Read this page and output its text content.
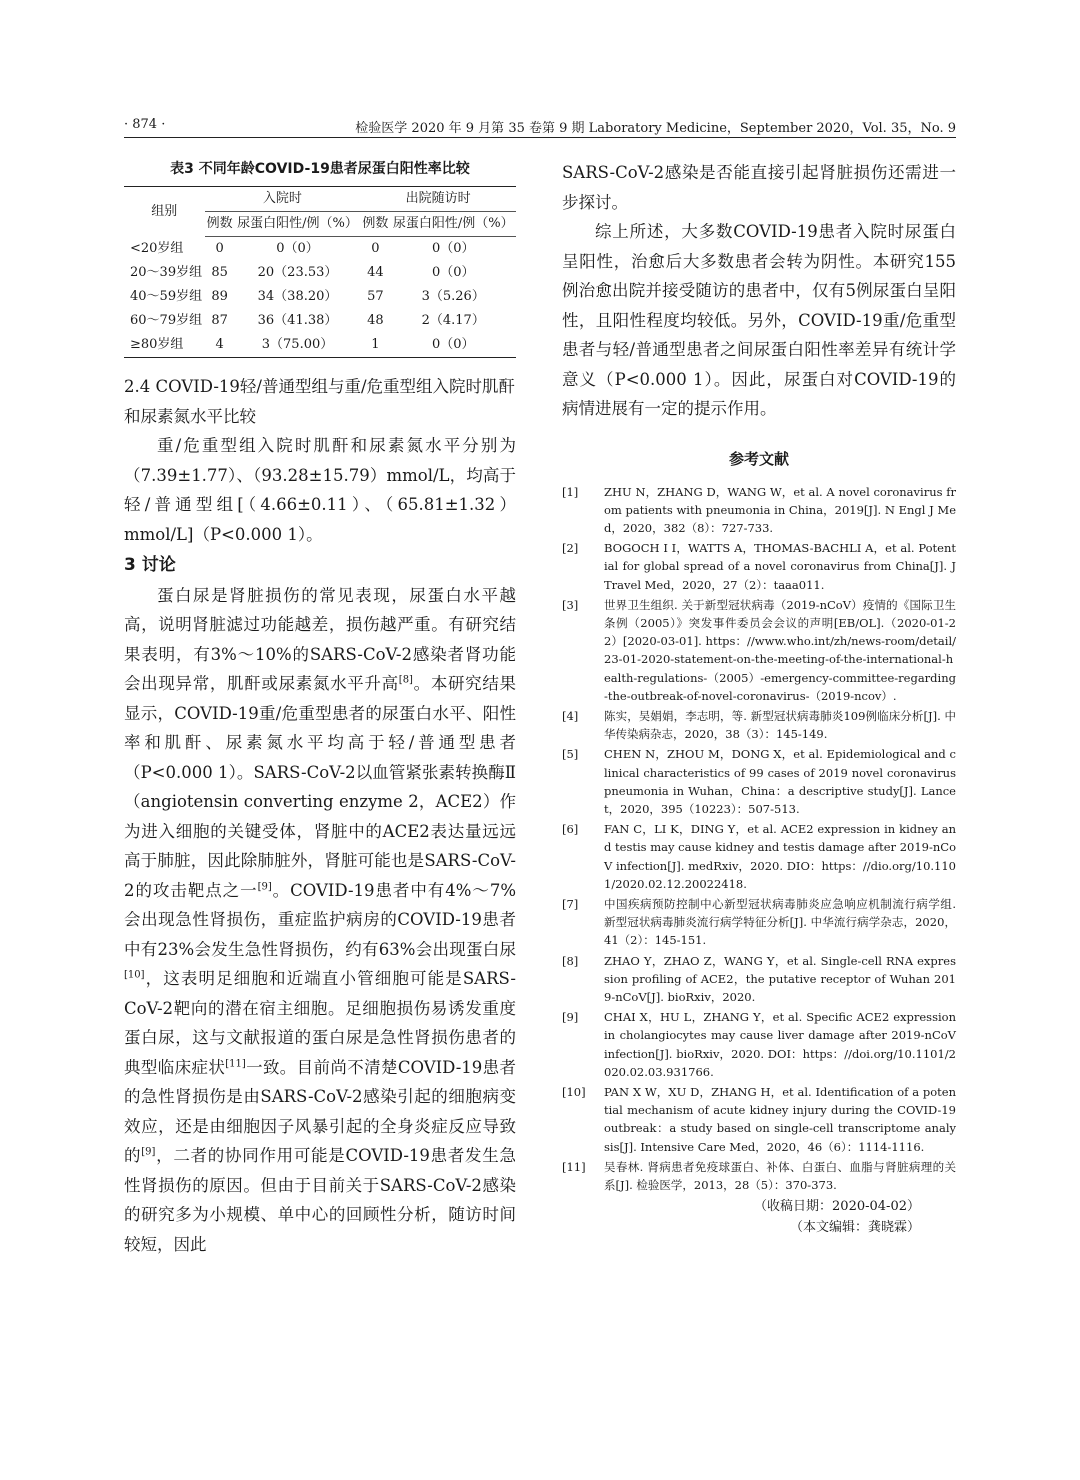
· 874 ·	检验医学 2020 年 9 月第 35 卷第 9 期 Laboratory Medicine，September 2020，Vol. 35，No. 9
表3 不同年龄COVID-19患者尿蛋白阳性率比较
组别	入院时		出院随访时	
	例数	尿蛋白阳性/例（%）	例数	尿蛋白阳性/例（%）
<20岁组	0	0（0）	0	0（0）
20～39岁组	85	20（23.53）	44	0（0）
40～59岁组	89	34（38.20）	57	3（5.26）
60～79岁组	87	36（41.38）	48	2（4.17）
≥80岁组	4	3（75.00）	1	0（0）

2.4 COVID-19轻/普通型组与重/危重型组入院时肌酐和尿素氮水平比较

重/危重型组入院时肌酐和尿素氮水平分别为（7.39±1.77）、（93.28±15.79）mmol/L，均高于轻/普通型组[（4.66±0.11）、（65.81±1.32）mmol/L]（P<0.000 1）。

3 讨论

蛋白尿是肾脏损伤的常见表现，尿蛋白水平越高，说明肾脏滤过功能越差，损伤越严重。有研究结果表明，有3%～10%的SARS-CoV-2感染者肾功能会出现异常，肌酐或尿素氮水平升高[8]。本研究结果显示，COVID-19重/危重型患者的尿蛋白水平、阳性率和肌酐、尿素氮水平均高于轻/普通型患者（P<0.000 1）。SARS-CoV-2以血管紧张素转换酶Ⅱ（angiotensin converting enzyme 2，ACE2）作为进入细胞的关键受体，肾脏中的ACE2表达量远远高于肺脏，因此除肺脏外，肾脏可能也是SARS-CoV-2的攻击靶点之一[9]。COVID-19患者中有4%～7%会出现急性肾损伤，重症监护病房的COVID-19患者中有23%会发生急性肾损伤，约有63%会出现蛋白尿[10]，这表明足细胞和近端直小管细胞可能是SARS-CoV-2靶向的潜在宿主细胞。足细胞损伤易诱发重度蛋白尿，这与文献报道的蛋白尿是急性肾损伤患者的典型临床症状[11]一致。目前尚不清楚COVID-19患者的急性肾损伤是由SARS-CoV-2感染引起的细胞病变效应，还是由细胞因子风暴引起的全身炎症反应导致的[9]，二者的协同作用可能是COVID-19患者发生急性肾损伤的原因。但由于目前关于SARS-CoV-2感染的研究多为小规模、单中心的回顾性分析，随访时间较短，因此

SARS-CoV-2感染是否能直接引起肾脏损伤还需进一步探讨。

综上所述，大多数COVID-19患者入院时尿蛋白呈阳性，治愈后大多数患者会转为阴性。本研究155例治愈出院并接受随访的患者中，仅有5例尿蛋白呈阳性，且阳性程度均较低。另外，COVID-19重/危重型患者与轻/普通型患者之间尿蛋白阳性率差异有统计学意义（P<0.000 1）。因此，尿蛋白对COVID-19的病情进展有一定的提示作用。

参考文献
[1]	ZHU N，ZHANG D，WANG W，et al. A novel coronavirus from patients with pneumonia in China，2019[J]. N Engl J Med，2020，382（8）：727-733.
[2]	BOGOCH I I，WATTS A，THOMAS-BACHLI A，et al. Potential for global spread of a novel coronavirus from China[J]. J Travel Med，2020，27（2）：taaa011.
[3]	世界卫生组织. 关于新型冠状病毒（2019-nCoV）疫情的《国际卫生条例（2005）》突发事件委员会会议的声明[EB/OL].（2020-01-22）[2020-03-01]. https：//www.who.int/zh/news-room/detail/23-01-2020-statement-on-the-meeting-of-the-international-health-regulations-（2005）-emergency-committee-regarding-the-outbreak-of-novel-coronavirus-（2019-ncov）.
[4]	陈实，吴娟娟，李志明，等. 新型冠状病毒肺炎109例临床分析[J]. 中华传染病杂志，2020，38（3）：145-149.
[5]	CHEN N，ZHOU M，DONG X，et al. Epidemiological and clinical characteristics of 99 cases of 2019 novel coronavirus pneumonia in Wuhan，China：a descriptive study[J]. Lancet，2020，395（10223）：507-513.
[6]	FAN C，LI K，DING Y，et al. ACE2 expression in kidney and testis may cause kidney and testis damage after 2019-nCoV infection[J]. medRxiv，2020. DIO：https：//dio.org/10.1101/2020.02.12.20022418.
[7]	中国疾病预防控制中心新型冠状病毒肺炎应急响应机制流行病学组. 新型冠状病毒肺炎流行病学特征分析[J]. 中华流行病学杂志，2020，41（2）：145-151.
[8]	ZHAO Y，ZHAO Z，WANG Y，et al. Single-cell RNA expression profiling of ACE2，the putative receptor of Wuhan 2019-nCoV[J]. bioRxiv，2020.
[9]	CHAI X，HU L，ZHANG Y，et al. Specific ACE2 expression in cholangiocytes may cause liver damage after 2019-nCoV infection[J]. bioRxiv，2020. DOI：https：//doi.org/10.1101/2020.02.03.931766.
[10]	PAN X W，XU D，ZHANG H，et al. Identification of a potential mechanism of acute kidney injury during the COVID-19 outbreak：a study based on single-cell transcriptome analysis[J]. Intensive Care Med，2020，46（6）：1114-1116.
[11]	吴春林. 肾病患者免疫球蛋白、补体、白蛋白、血脂与肾脏病理的关系[J]. 检验医学，2013，28（5）：370-373.
（收稿日期：2020-04-02）
（本文编辑：龚晓霖）
